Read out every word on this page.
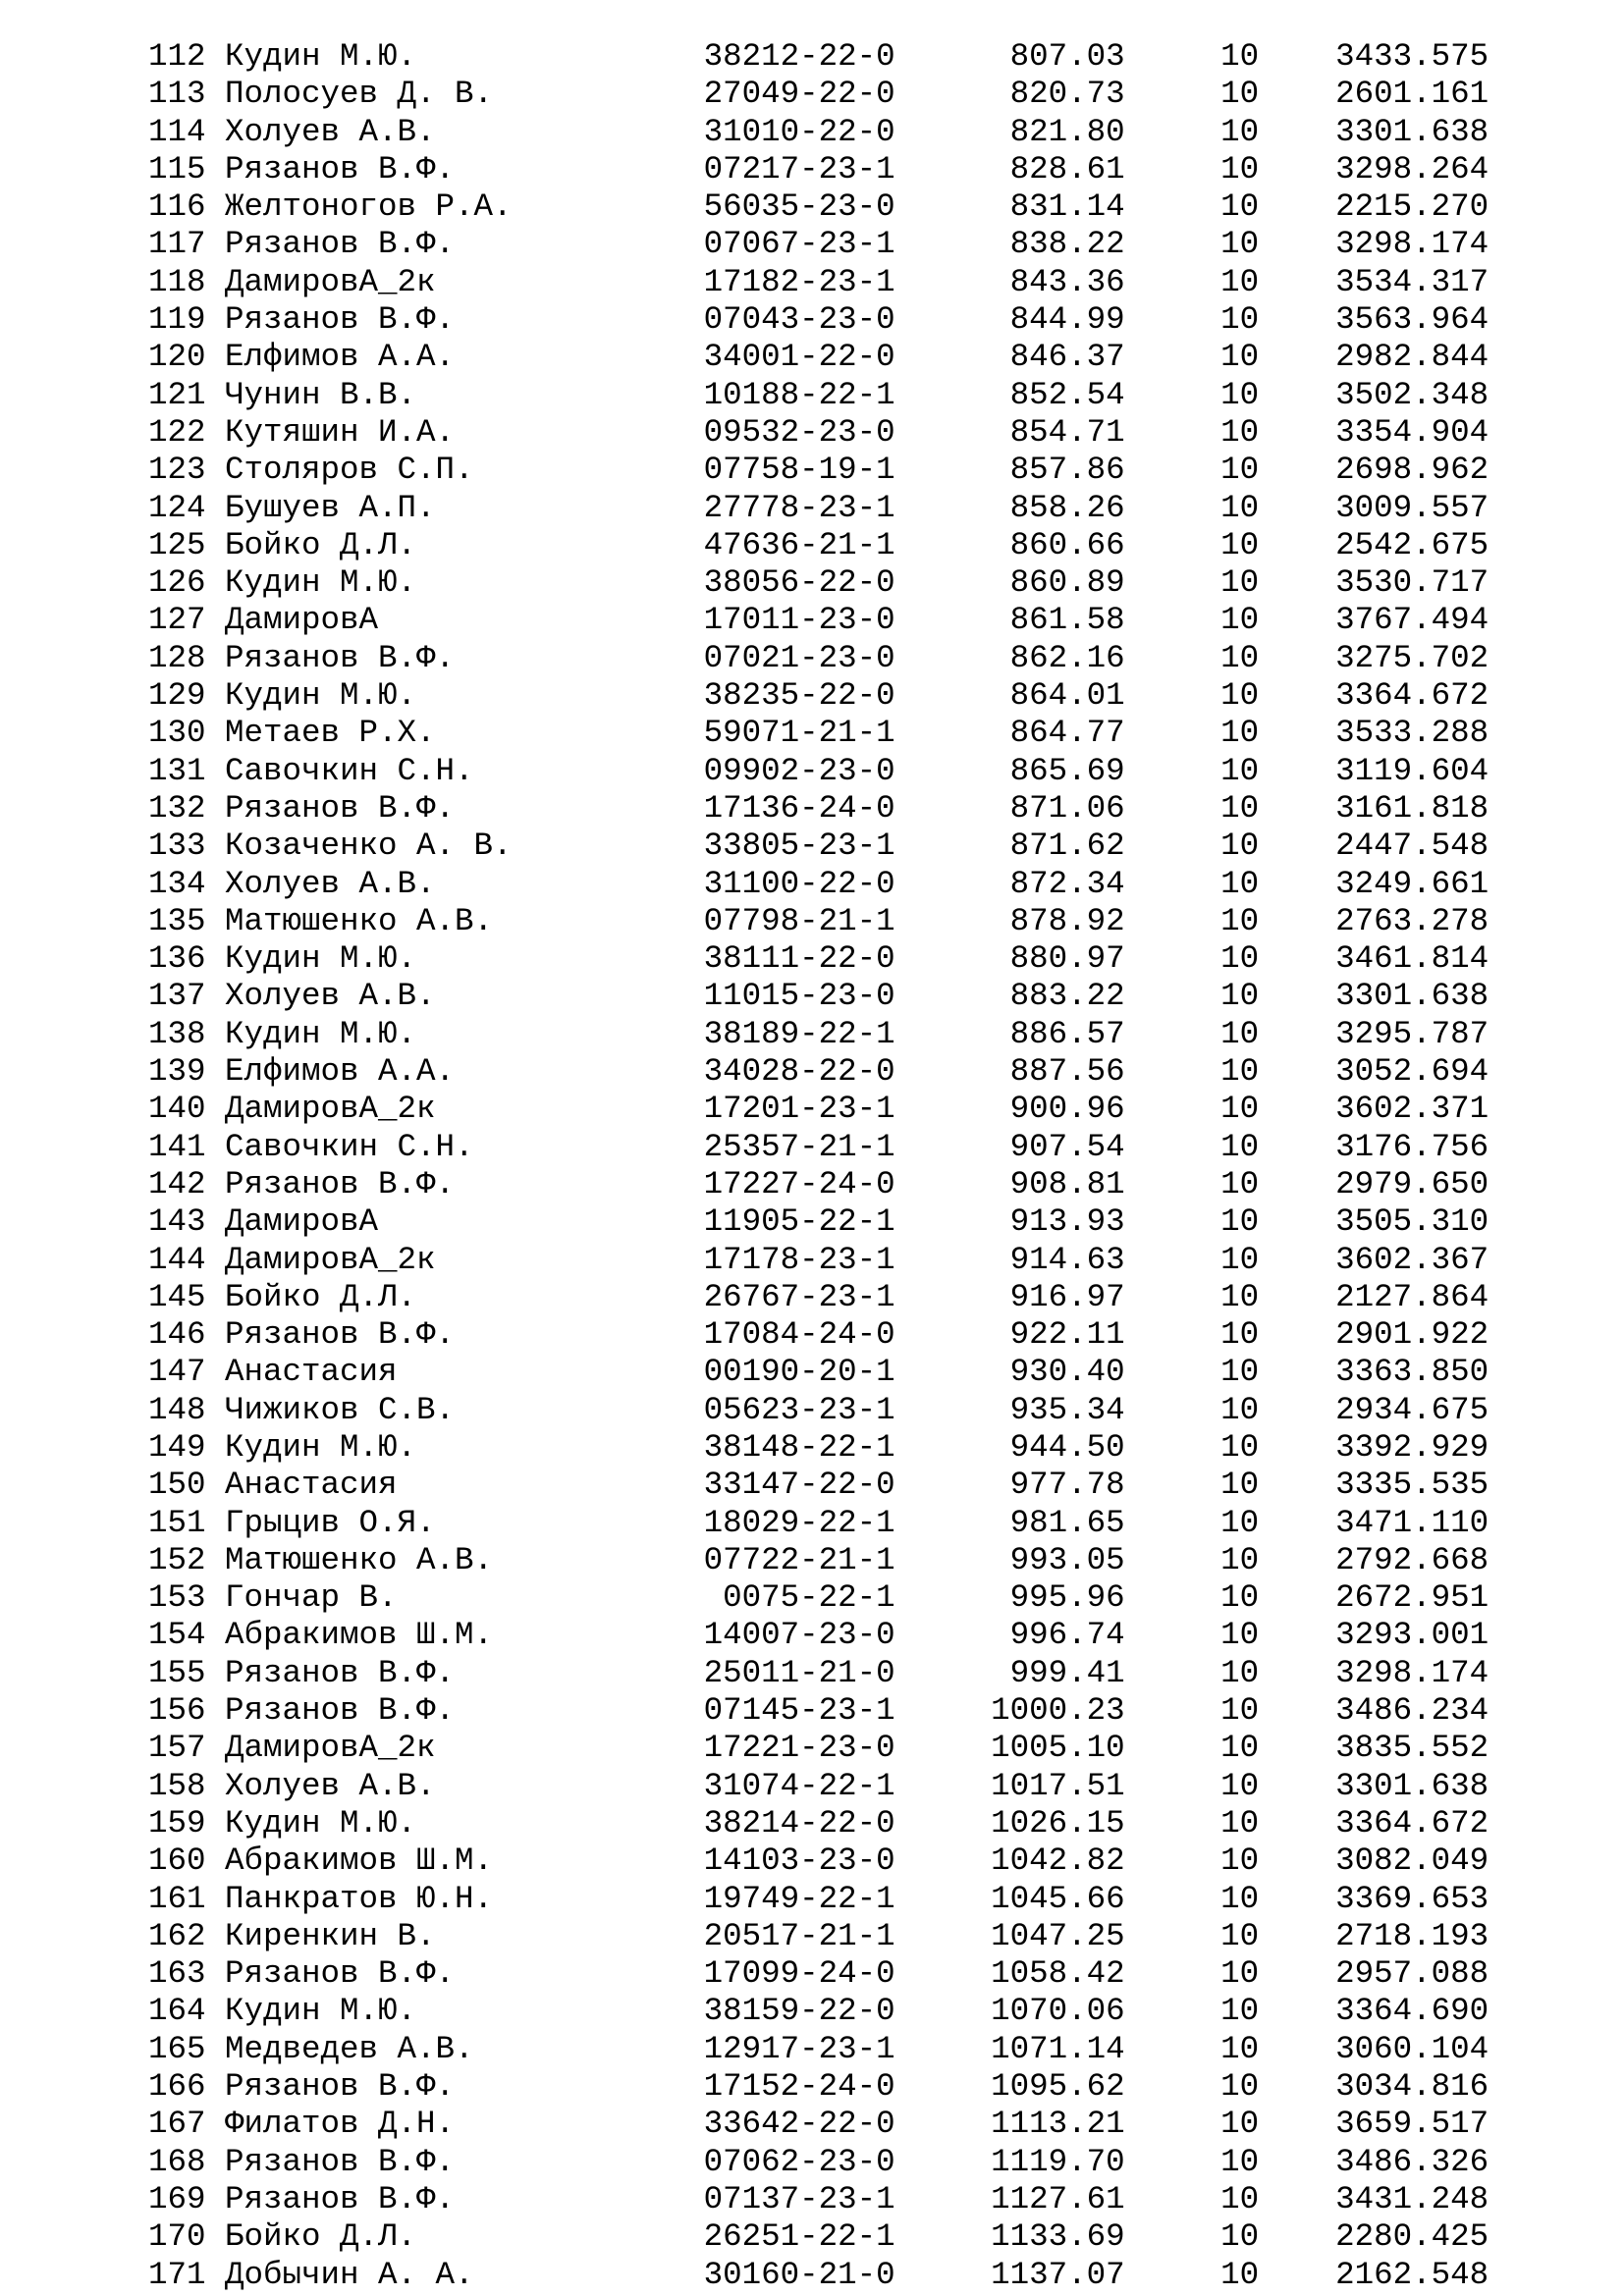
112 Кудин М.Ю.	38212-22-0	807.03	10	3433.575
113 Полосуев Д. В.	27049-22-0	820.73	10	2601.161
114 Холуев А.В.	31010-22-0	821.80	10	3301.638
115 Рязанов В.Ф.	07217-23-1	828.61	10	3298.264
116 Желтоногов Р.А.	56035-23-0	831.14	10	2215.270
117 Рязанов В.Ф.	07067-23-1	838.22	10	3298.174
118 ДамировА_2к	17182-23-1	843.36	10	3534.317
119 Рязанов В.Ф.	07043-23-0	844.99	10	3563.964
120 Елфимов А.А.	34001-22-0	846.37	10	2982.844
121 Чунин В.В.	10188-22-1	852.54	10	3502.348
122 Кутяшин И.А.	09532-23-0	854.71	10	3354.904
123 Столяров С.П.	07758-19-1	857.86	10	2698.962
124 Бушуев А.П.	27778-23-1	858.26	10	3009.557
125 Бойко Д.Л.	47636-21-1	860.66	10	2542.675
126 Кудин М.Ю.	38056-22-0	860.89	10	3530.717
127 ДамировА	17011-23-0	861.58	10	3767.494
128 Рязанов В.Ф.	07021-23-0	862.16	10	3275.702
129 Кудин М.Ю.	38235-22-0	864.01	10	3364.672
130 Метаев Р.Х.	59071-21-1	864.77	10	3533.288
131 Савочкин С.Н.	09902-23-0	865.69	10	3119.604
132 Рязанов В.Ф.	17136-24-0	871.06	10	3161.818
133 Козаченко А. В.	33805-23-1	871.62	10	2447.548
134 Холуев А.В.	31100-22-0	872.34	10	3249.661
135 Матюшенко А.В.	07798-21-1	878.92	10	2763.278
136 Кудин М.Ю.	38111-22-0	880.97	10	3461.814
137 Холуев А.В.	11015-23-0	883.22	10	3301.638
138 Кудин М.Ю.	38189-22-1	886.57	10	3295.787
139 Елфимов А.А.	34028-22-0	887.56	10	3052.694
140 ДамировА_2к	17201-23-1	900.96	10	3602.371
141 Савочкин С.Н.	25357-21-1	907.54	10	3176.756
142 Рязанов В.Ф.	17227-24-0	908.81	10	2979.650
143 ДамировА	11905-22-1	913.93	10	3505.310
144 ДамировА_2к	17178-23-1	914.63	10	3602.367
145 Бойко Д.Л.	26767-23-1	916.97	10	2127.864
146 Рязанов В.Ф.	17084-24-0	922.11	10	2901.922
147 Анастасия	00190-20-1	930.40	10	3363.850
148 Чижиков С.В.	05623-23-1	935.34	10	2934.675
149 Кудин М.Ю.	38148-22-1	944.50	10	3392.929
150 Анастасия	33147-22-0	977.78	10	3335.535
151 Грыцив О.Я.	18029-22-1	981.65	10	3471.110
152 Матюшенко А.В.	07722-21-1	993.05	10	2792.668
153 Гончар В.	0075-22-1	995.96	10	2672.951
154 Абракимов Ш.М.	14007-23-0	996.74	10	3293.001
155 Рязанов В.Ф.	25011-21-0	999.41	10	3298.174
156 Рязанов В.Ф.	07145-23-1	1000.23	10	3486.234
157 ДамировА_2к	17221-23-0	1005.10	10	3835.552
158 Холуев А.В.	31074-22-1	1017.51	10	3301.638
159 Кудин М.Ю.	38214-22-0	1026.15	10	3364.672
160 Абракимов Ш.М.	14103-23-0	1042.82	10	3082.049
161 Панкратов Ю.Н.	19749-22-1	1045.66	10	3369.653
162 Киренкин В.	20517-21-1	1047.25	10	2718.193
163 Рязанов В.Ф.	17099-24-0	1058.42	10	2957.088
164 Кудин М.Ю.	38159-22-0	1070.06	10	3364.690
165 Медведев А.В.	12917-23-1	1071.14	10	3060.104
166 Рязанов В.Ф.	17152-24-0	1095.62	10	3034.816
167 Филатов Д.Н.	33642-22-0	1113.21	10	3659.517
168 Рязанов В.Ф.	07062-23-0	1119.70	10	3486.326
169 Рязанов В.Ф.	07137-23-1	1127.61	10	3431.248
170 Бойко Д.Л.	26251-22-1	1133.69	10	2280.425
171 Добычин А. А.	30160-21-0	1137.07	10	2162.548
